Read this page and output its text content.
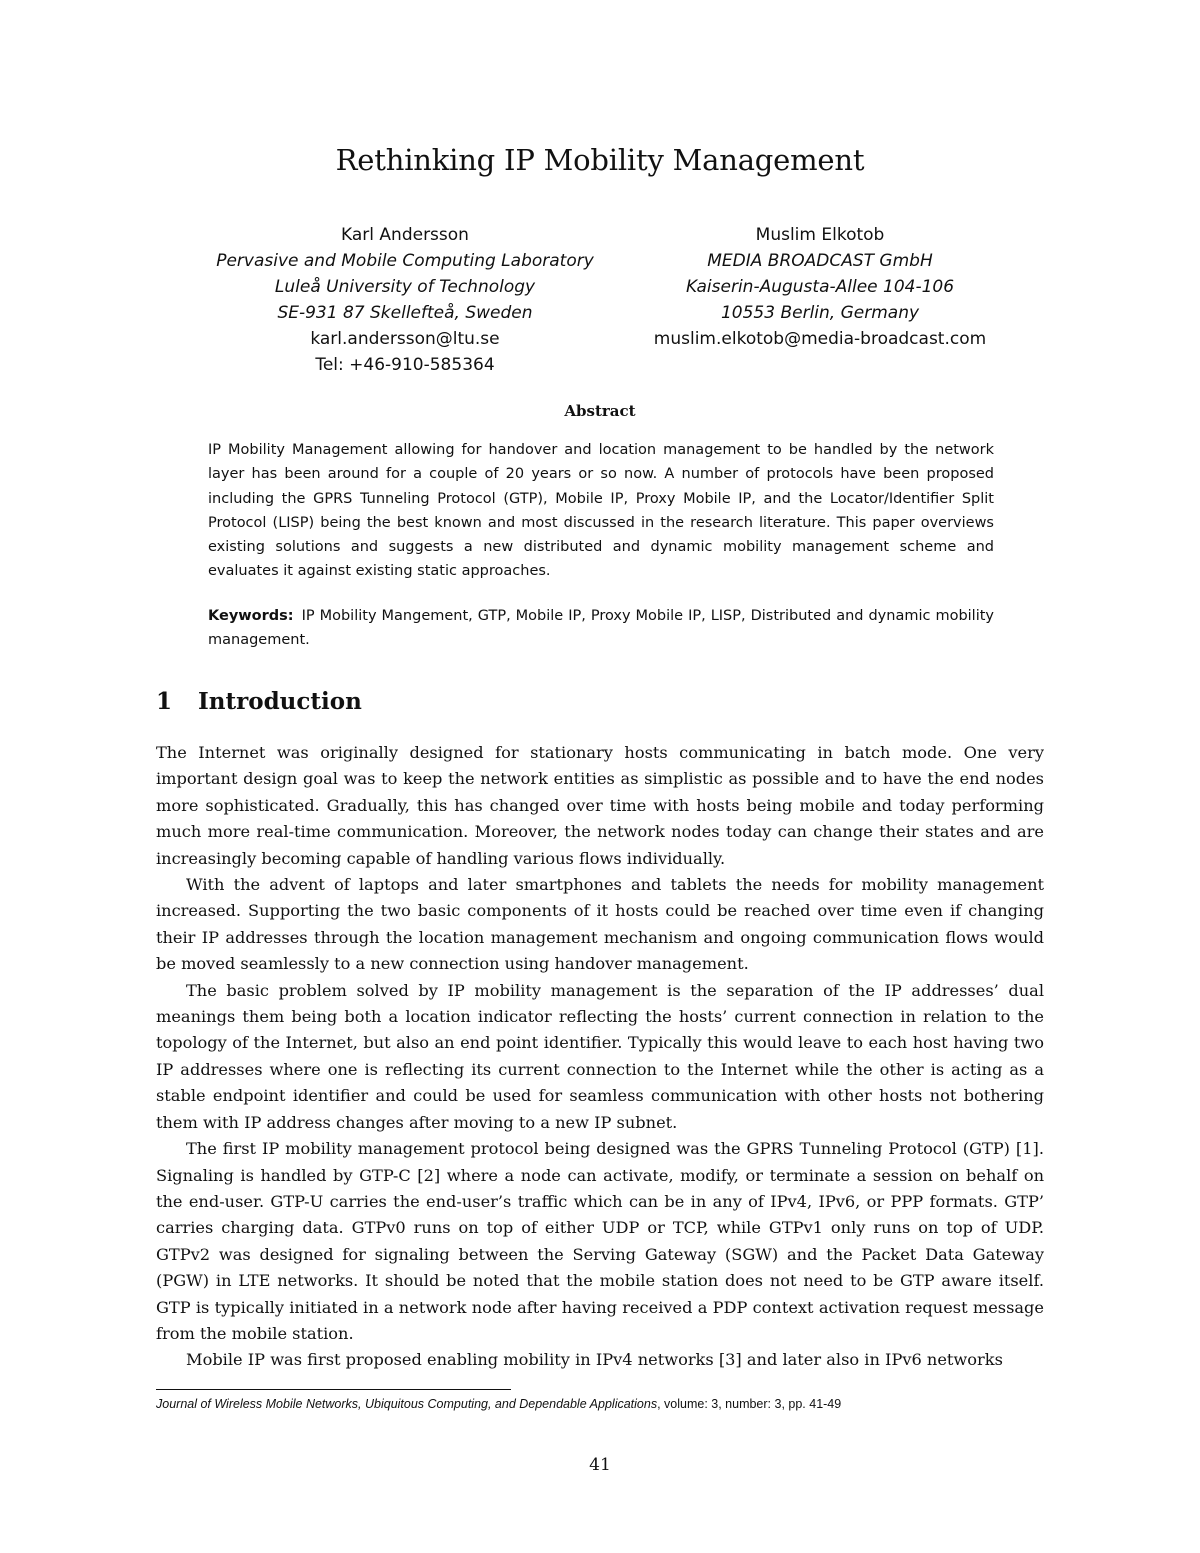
Rethinking IP Mobility Management
Karl Andersson
Pervasive and Mobile Computing Laboratory
Luleå University of Technology
SE-931 87 Skellefteå, Sweden
karl.andersson@ltu.se
Tel: +46-910-585364
Muslim Elkotob
MEDIA BROADCAST GmbH
Kaiserin-Augusta-Allee 104-106
10553 Berlin, Germany
muslim.elkotob@media-broadcast.com
Abstract
IP Mobility Management allowing for handover and location management to be handled by the network layer has been around for a couple of 20 years or so now. A number of protocols have been proposed including the GPRS Tunneling Protocol (GTP), Mobile IP, Proxy Mobile IP, and the Locator/Identifier Split Protocol (LISP) being the best known and most discussed in the research literature. This paper overviews existing solutions and suggests a new distributed and dynamic mobility management scheme and evaluates it against existing static approaches.
Keywords: IP Mobility Mangement, GTP, Mobile IP, Proxy Mobile IP, LISP, Distributed and dynamic mobility management.
1 Introduction

The Internet was originally designed for stationary hosts communicating in batch mode. One very important design goal was to keep the network entities as simplistic as possible and to have the end nodes more sophisticated. Gradually, this has changed over time with hosts being mobile and today performing much more real-time communication. Moreover, the network nodes today can change their states and are increasingly becoming capable of handling various flows individually.

With the advent of laptops and later smartphones and tablets the needs for mobility management increased. Supporting the two basic components of it hosts could be reached over time even if changing their IP addresses through the location management mechanism and ongoing communication flows would be moved seamlessly to a new connection using handover management.

The basic problem solved by IP mobility management is the separation of the IP addresses’ dual meanings them being both a location indicator reflecting the hosts’ current connection in relation to the topology of the Internet, but also an end point identifier. Typically this would leave to each host having two IP addresses where one is reflecting its current connection to the Internet while the other is acting as a stable endpoint identifier and could be used for seamless communication with other hosts not bothering them with IP address changes after moving to a new IP subnet.

The first IP mobility management protocol being designed was the GPRS Tunneling Protocol (GTP) [1]. Signaling is handled by GTP-C [2] where a node can activate, modify, or terminate a session on behalf on the end-user. GTP-U carries the end-user’s traffic which can be in any of IPv4, IPv6, or PPP formats. GTP’ carries charging data. GTPv0 runs on top of either UDP or TCP, while GTPv1 only runs on top of UDP. GTPv2 was designed for signaling between the Serving Gateway (SGW) and the Packet Data Gateway (PGW) in LTE networks. It should be noted that the mobile station does not need to be GTP aware itself. GTP is typically initiated in a network node after having received a PDP context activation request message from the mobile station.

Mobile IP was first proposed enabling mobility in IPv4 networks [3] and later also in IPv6 networks

Journal of Wireless Mobile Networks, Ubiquitous Computing, and Dependable Applications, volume: 3, number: 3, pp. 41-49
41
